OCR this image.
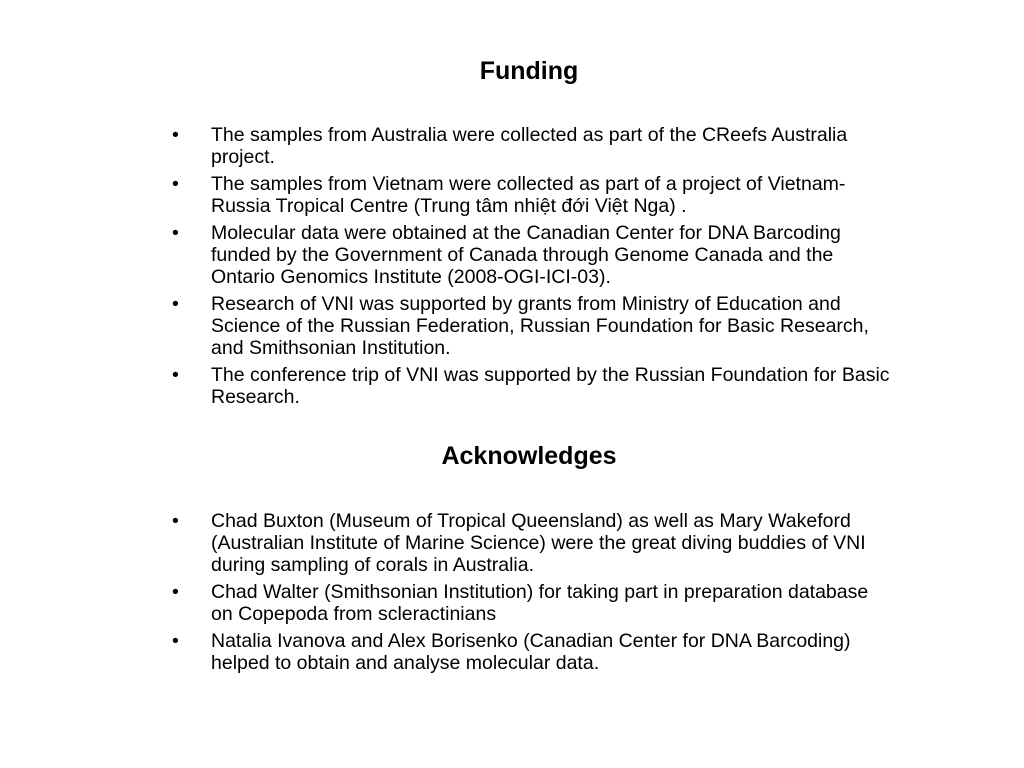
Funding
• The samples from Australia were collected as part of the CReefs Australia project.
• The samples from Vietnam were collected as part of a project of Vietnam-Russia Tropical Centre (Trung tâm nhiệt đới Việt Nga) .
• Molecular data were obtained at the Canadian Center for DNA Barcoding funded by the Government of Canada through Genome Canada and the Ontario Genomics Institute (2008-OGI-ICI-03).
• Research of VNI was supported by grants from Ministry of Education and Science of the Russian Federation, Russian Foundation for Basic Research, and Smithsonian Institution.
• The conference trip of VNI was supported by the Russian Foundation for Basic Research.
Acknowledges
• Chad Buxton (Museum of Tropical Queensland) as well as Mary Wakeford (Australian Institute of Marine Science) were the great diving buddies of VNI during sampling of corals in Australia.
• Chad Walter (Smithsonian Institution) for taking part in preparation database on Copepoda from scleractinians
• Natalia Ivanova and Alex Borisenko (Canadian Center for DNA Barcoding) helped to obtain and analyse molecular data.
